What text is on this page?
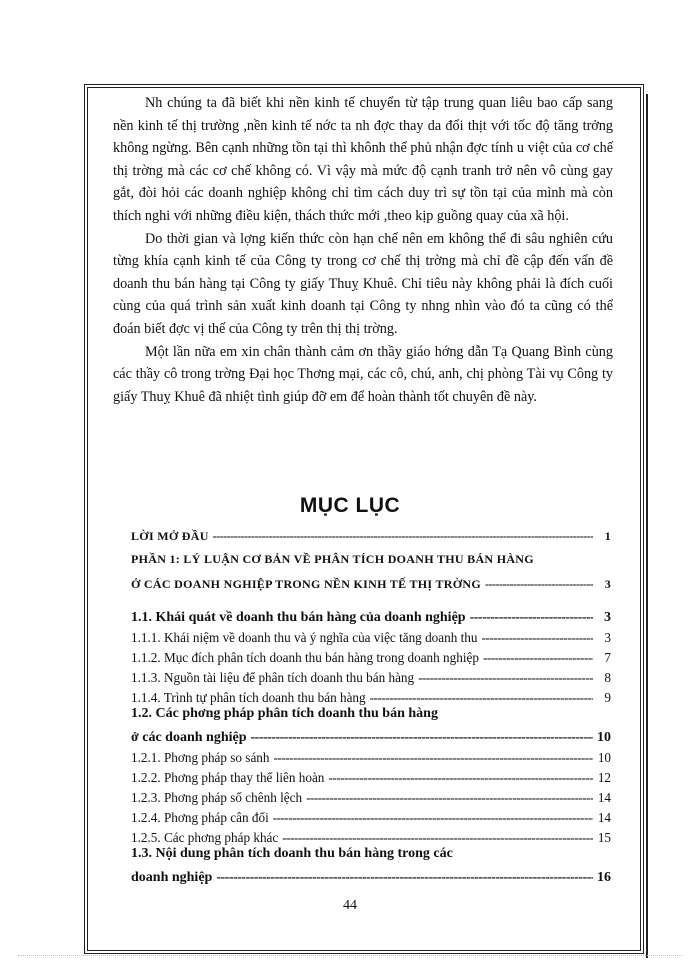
Nh chúng ta đã biết khi nền kinh tế chuyển từ tập trung quan liêu bao cấp sang nền kinh tế thị trường ,nền kinh tế nớc ta nh đợc thay da đổi thịt với tốc độ tăng trởng không ngừng. Bên cạnh những tồn tại thì khônh thể phủ nhận đợc tính u việt của cơ chế thị trờng mà các cơ chế không có. Vì vậy mà mức độ cạnh tranh trở nên vô cùng gay gắt, đòi hỏi các doanh nghiệp không chỉ tìm cách duy trì sự tồn tại của mình mà còn thích nghi với những điều kiện, thách thức mới ,theo kịp guồng quay của xã hội.

Do thời gian và lợng kiến thức còn hạn chế nên em không thể đi sâu nghiên cứu từng khía cạnh kinh tế của Công ty trong cơ chế thị trờng mà chỉ đề cập đến vấn đề doanh thu bán hàng tại Công ty giấy Thuỵ Khuê. Chỉ tiêu này không phải là đích cuối cùng của quá trình sản xuất kinh doanh tại Công ty nhng nhìn vào đó ta cũng có thể đoán biết đợc vị thế của Công ty trên thị thị trờng.

Một lần nữa em xin chân thành cảm ơn thầy giáo hớng dẫn Tạ Quang Bình cùng các thầy cô trong trờng Đại học Thơng mại, các cô, chú, anh, chị phòng Tài vụ Công ty giấy Thuỵ Khuê đã nhiệt tình giúp đỡ em để hoàn thành tốt chuyên đề này.

MỤC LỤC
LỜI MỞ ĐẦU -----	1
PHẦN 1: LÝ LUẬN CƠ BẢN VỀ PHÂN TÍCH DOANH THU BÁN HÀNG
Ở CÁC DOANH NGHIỆP TRONG NỀN KINH TẾ THỊ TRỜNG -----	3
1.1. Khái quát về doanh thu bán hàng của doanh nghiệp -----	3
1.1.1. Khái niệm về doanh thu và ý nghĩa của việc tăng doanh thu -----	3
1.1.2. Mục đích phân tích doanh thu bán hàng trong doanh nghiệp -----	7
1.1.3. Nguồn tài liệu để phân tích doanh thu bán hàng -----	8
1.1.4. Trình tự phân tích doanh thu bán hàng -----	9
1.2. Các phơng pháp phân tích doanh thu bán hàng
ở các doanh nghiệp -----	10
1.2.1. Phơng pháp so sánh -----	10
1.2.2. Phơng pháp thay thế liên hoàn -----	12
1.2.3. Phơng pháp số chênh lệch -----	14
1.2.4. Phơng pháp cân đối -----	14
1.2.5. Các phơng pháp khác -----	15
1.3. Nội dung phân tích doanh thu bán hàng trong các
doanh nghiệp -----	16
44
